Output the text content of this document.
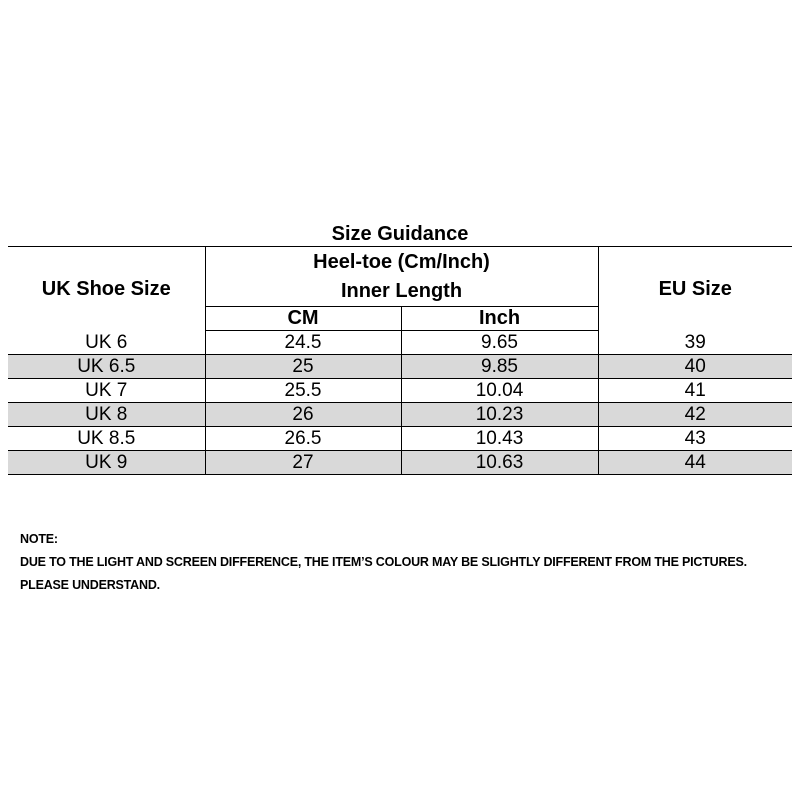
Size Guidance
UK Shoe Size	Heel-toe (Cm/Inch)
Inner Length		EU Size
	CM	Inch	
UK 6	24.5	9.65	39
UK 6.5	25	9.85	40
UK 7	25.5	10.04	41
UK 8	26	10.23	42
UK 8.5	26.5	10.43	43
UK 9	27	10.63	44
NOTE:
DUE TO THE LIGHT AND SCREEN DIFFERENCE, THE ITEM’S COLOUR MAY BE SLIGHTLY DIFFERENT FROM THE PICTURES.
PLEASE UNDERSTAND.
